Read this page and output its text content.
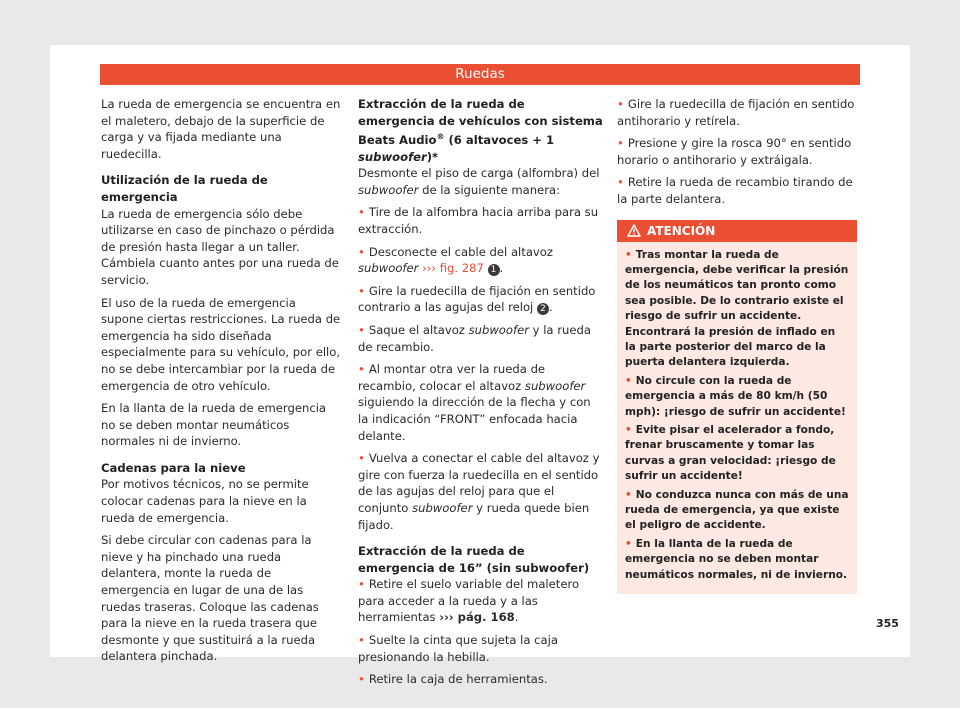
Ruedas

La rueda de emergencia se encuentra en el maletero, debajo de la superficie de carga y va fijada mediante una ruedecilla.

Utilización de la rueda de emergencia

La rueda de emergencia sólo debe utilizarse en caso de pinchazo o pérdida de presión hasta llegar a un taller. Cámbiela cuanto antes por una rueda de servicio.

El uso de la rueda de emergencia supone ciertas restricciones. La rueda de emergencia ha sido diseñada especialmente para su vehículo, por ello, no se debe intercambiar por la rueda de emergencia de otro vehículo.

En la llanta de la rueda de emergencia no se deben montar neumáticos normales ni de invierno.

Cadenas para la nieve

Por motivos técnicos, no se permite colocar cadenas para la nieve en la rueda de emergencia.

Si debe circular con cadenas para la nieve y ha pinchado una rueda delantera, monte la rueda de emergencia en lugar de una de las ruedas traseras. Coloque las cadenas para la nieve en la rueda trasera que desmonte y que sustituirá a la rueda delantera pinchada.

Extracción de la rueda de emergencia de vehículos con sistema Beats Audio® (6 altavoces + 1 subwoofer)*

Desmonte el piso de carga (alfombra) del subwoofer de la siguiente manera:

• Tire de la alfombra hacia arriba para su extracción.

• Desconecte el cable del altavoz subwoofer ››› fig. 287 1 .

• Gire la ruedecilla de fijación en sentido contrario a las agujas del reloj 2 .

• Saque el altavoz subwoofer y la rueda de recambio.

• Al montar otra ver la rueda de recambio, colocar el altavoz subwoofer siguiendo la dirección de la flecha y con la indicación “FRONT” enfocada hacia delante.

• Vuelva a conectar el cable del altavoz y gire con fuerza la ruedecilla en el sentido de las agujas del reloj para que el conjunto subwoofer y rueda quede bien fijado.

Extracción de la rueda de emergencia de 16” (sin subwoofer)

• Retire el suelo variable del maletero para acceder a la rueda y a las herramientas ››› pág. 168.

• Suelte la cinta que sujeta la caja presionando la hebilla.

• Retire la caja de herramientas.

• Gire la ruedecilla de fijación en sentido antihorario y retírela.

• Presione y gire la rosca 90° en sentido horario o antihorario y extráigala.

• Retire la rueda de recambio tirando de la parte delantera.

ATENCIÓN

• Tras montar la rueda de emergencia, debe verificar la presión de los neumáticos tan pronto como sea posible. De lo contrario existe el riesgo de sufrir un accidente. Encontrará la presión de inflado en la parte posterior del marco de la puerta delantera izquierda.

• No circule con la rueda de emergencia a más de 80 km/h (50 mph): ¡riesgo de sufrir un accidente!

• Evite pisar el acelerador a fondo, frenar bruscamente y tomar las curvas a gran velocidad: ¡riesgo de sufrir un accidente!

• No conduzca nunca con más de una rueda de emergencia, ya que existe el peligro de accidente.

• En la llanta de la rueda de emergencia no se deben montar neumáticos normales, ni de invierno.

355
